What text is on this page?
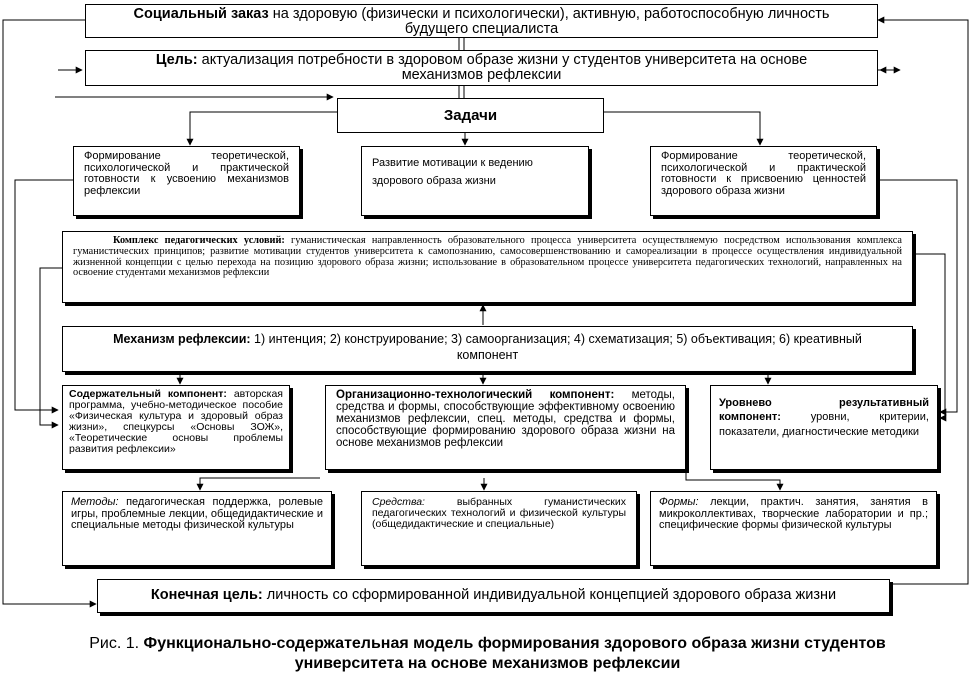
Социальный заказ на здоровую (физически и психологически), активную, работоспособную личность будущего специалиста
Цель: актуализация потребности в здоровом образе жизни у студентов университета на основе механизмов рефлексии
Задачи
Формирование теоретической, психологической и практической готовности к усвоению механизмов рефлексии
Развитие мотивации к ведению здорового образа жизни
Формирование теоретической, психологической и практической готовности к присвоению ценностей здорового образа жизни
Комплекс педагогических условий: гуманистическая направленность образовательного процесса университета осуществляемую посредством использования комплекса гуманистических принципов; развитие мотивации студентов университета к самопознанию, самосовершенствованию и самореализации в процессе осуществления индивидуальной жизненной концепции с целью перехода на позицию здорового образа жизни; использование в образовательном процессе университета педагогических технологий, направленных на освоение студентами механизмов рефлексии
Механизм рефлексии: 1) интенция; 2) конструирование; 3) самоорганизация; 4) схематизация; 5) объективация; 6) креативный компонент
Содержательный компонент: авторская программа, учебно-методическое пособие «Физическая культура и здоровый образ жизни», спецкурсы «Основы ЗОЖ», «Теоретические основы проблемы развития рефлексии»
Организационно-технологический компонент: методы, средства и формы, способствующие эффективному освоению механизмов рефлексии, спец. методы, средства и формы, способствующие формированию здорового образа жизни на основе механизмов рефлексии
Уровнево результативный компонент: уровни, критерии, показатели, диагностические методики
Методы: педагогическая поддержка, ролевые игры, проблемные лекции, общедидактические и специальные методы физической культуры
Средства: выбранных гуманистических педагогических технологий и физической культуры (общедидактические и специальные)
Формы: лекции, практич. занятия, занятия в микроколлективах, творческие лаборатории и пр.; специфические формы физической культуры
Конечная цель: личность со сформированной индивидуальной концепцией здорового образа жизни
Рис. 1. Функционально-содержательная модель формирования здорового образа жизни студентов
университета на основе механизмов рефлексии
